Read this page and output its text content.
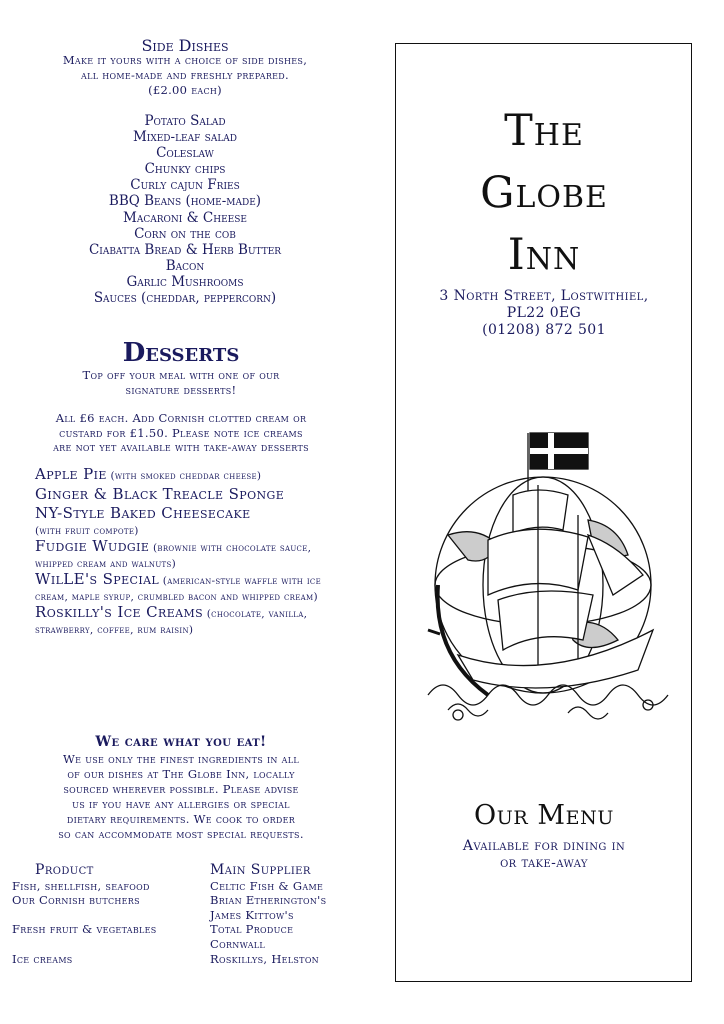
Side Dishes
Make it yours with a choice of side dishes,
all home-made and freshly prepared.
(£2.00 each)
Potato Salad
Mixed-leaf salad
Coleslaw
Chunky chips
Curly cajun Fries
BBQ Beans (home-made)
Macaroni & Cheese
Corn on the cob
Ciabatta Bread & Herb Butter
Bacon
Garlic Mushrooms
Sauces (cheddar, peppercorn)
Desserts
Top off your meal with one of our
signature desserts!
All £6 each. Add Cornish clotted cream or
custard for £1.50. Please note ice creams
are not yet available with take-away desserts
Apple Pie (with smoked cheddar cheese)
Ginger & Black Treacle Sponge
NY-Style Baked Cheesecake
(with fruit compote)
Fudgie Wudgie (brownie with chocolate sauce, whipped cream and walnuts)
WilLE's Special (american-style waffle with ice cream, maple syrup, crumbled bacon and whipped cream)
Roskilly's Ice Creams (chocolate, vanilla, strawberry, coffee, rum raisin)
We care what you eat!
We use only the finest ingredients in all
of our dishes at The Globe Inn, locally
sourced wherever possible. Please advise
us if you have any allergies or special
dietary requirements. We cook to order
so can accommodate most special requests.
Product	Main Supplier
Fish, shellfish, seafood	Celtic Fish & Game
Our Cornish butchers	Brian Etherington's
James Kittow's
Fresh fruit & vegetables	Total Produce
Cornwall
Ice creams	Roskillys, Helston
The
Globe
Inn
3 North Street, Lostwithiel,
PL22 0EG
(01208) 872 501
Our Menu
Available for dining in
or take-away
